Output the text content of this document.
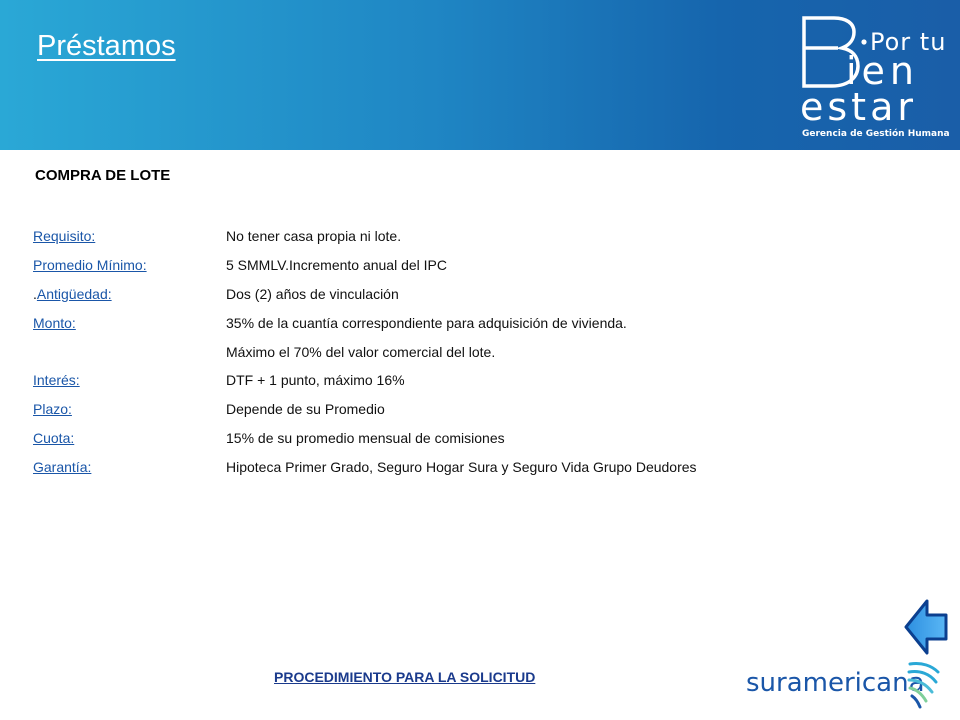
Préstamos	Por tu
ien
estar
Gerencia de Gestión Humana
COMPRA DE LOTE
Requisito:	No tener casa propia ni lote.
Promedio Mínimo:	5 SMMLV.Incremento anual del IPC
.Antigüedad:	Dos (2) años de vinculación
Monto:	35% de la cuantía correspondiente para adquisición de vivienda.
Máximo el 70% del valor comercial del lote.
Interés:	DTF + 1 punto, máximo 16%
Plazo:	Depende de su Promedio
Cuota:	15% de su promedio mensual de comisiones
Garantía:	Hipoteca Primer Grado, Seguro Hogar Sura y Seguro Vida Grupo Deudores
PROCEDIMIENTO PARA LA SOLICITUD	suramericana
